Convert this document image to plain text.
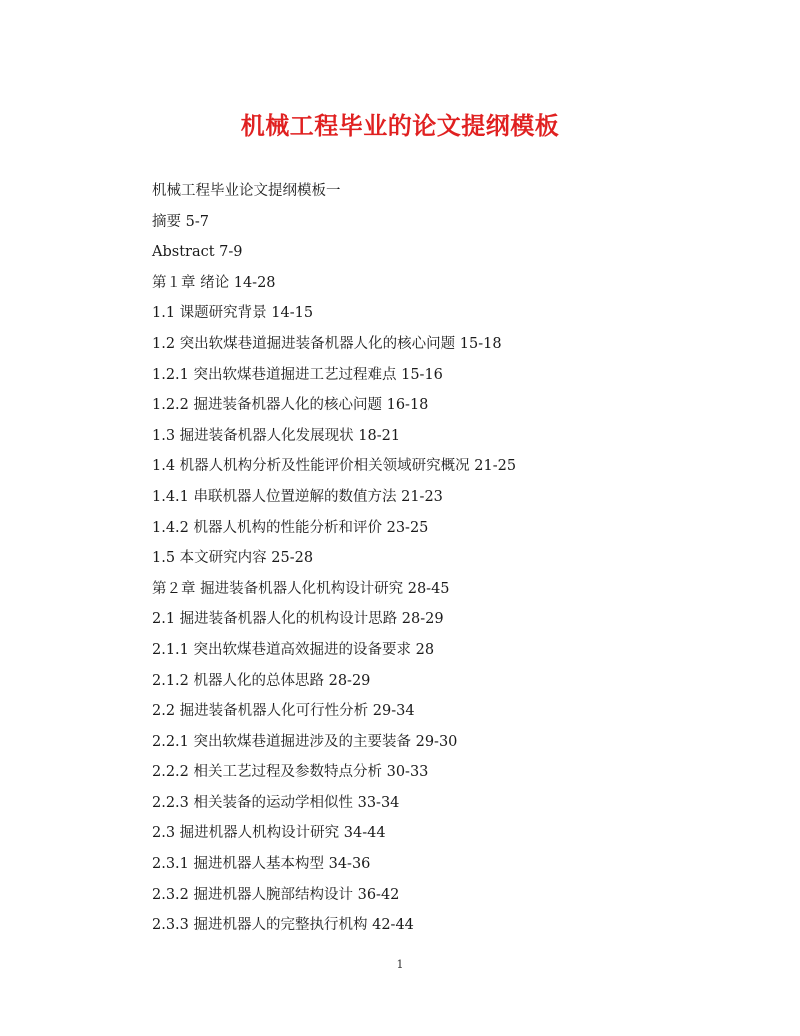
机械工程毕业的论文提纲模板
机械工程毕业论文提纲模板一
摘要 5-7
Abstract 7-9
第１章 绪论 14-28
1.1 课题研究背景 14-15
1.2 突出软煤巷道掘进装备机器人化的核心问题 15-18
1.2.1 突出软煤巷道掘进工艺过程难点 15-16
1.2.2 掘进装备机器人化的核心问题 16-18
1.3 掘进装备机器人化发展现状 18-21
1.4 机器人机构分析及性能评价相关领域研究概况 21-25
1.4.1 串联机器人位置逆解的数值方法 21-23
1.4.2 机器人机构的性能分析和评价 23-25
1.5 本文研究内容 25-28
第２章 掘进装备机器人化机构设计研究 28-45
2.1 掘进装备机器人化的机构设计思路 28-29
2.1.1 突出软煤巷道高效掘进的设备要求 28
2.1.2 机器人化的总体思路 28-29
2.2 掘进装备机器人化可行性分析 29-34
2.2.1 突出软煤巷道掘进涉及的主要装备 29-30
2.2.2 相关工艺过程及参数特点分析 30-33
2.2.3 相关装备的运动学相似性 33-34
2.3 掘进机器人机构设计研究 34-44
2.3.1 掘进机器人基本构型 34-36
2.3.2 掘进机器人腕部结构设计 36-42
2.3.3 掘进机器人的完整执行机构 42-44
1
